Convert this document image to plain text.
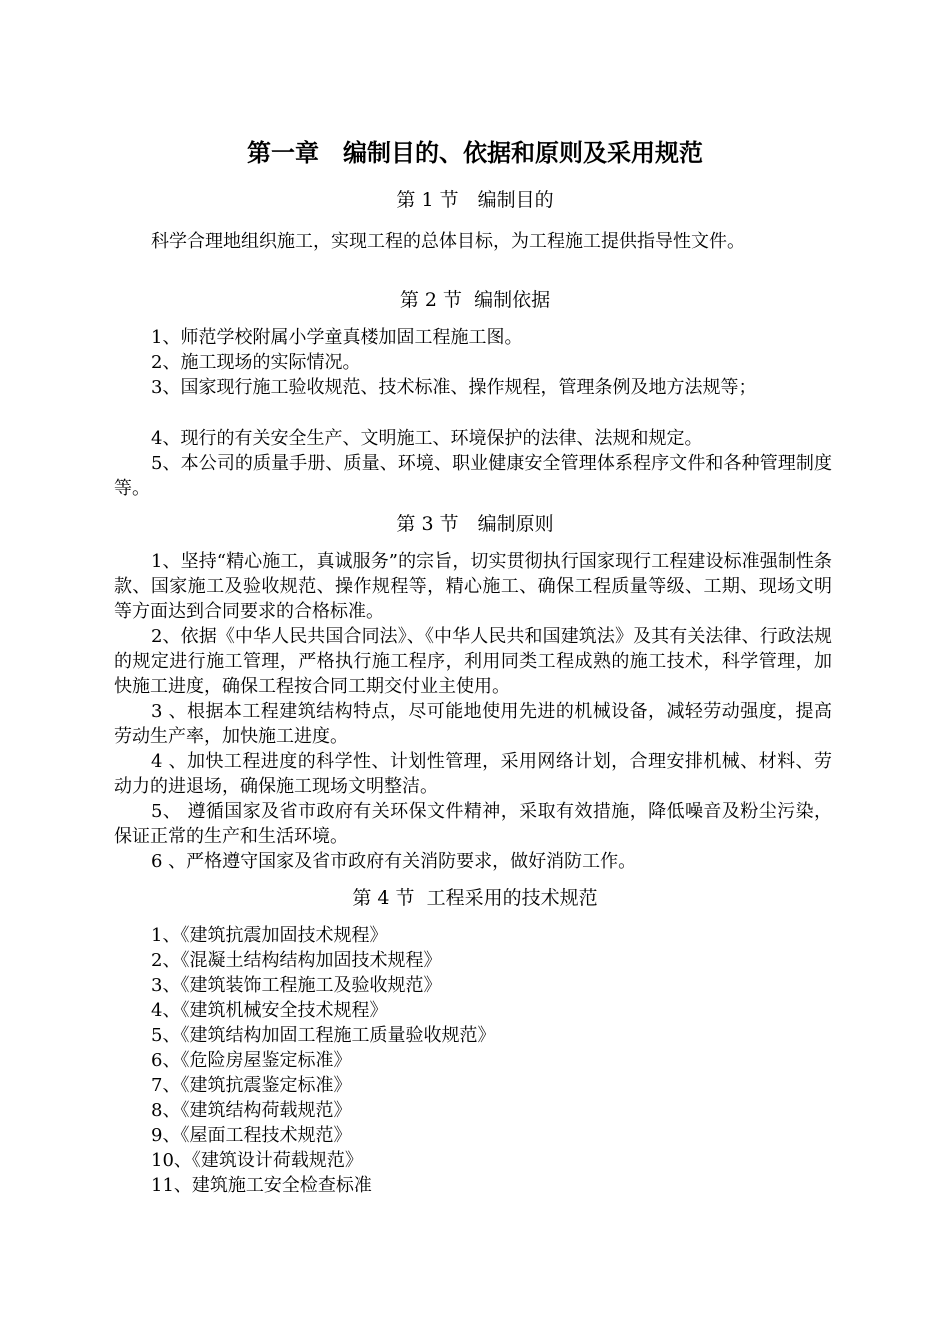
第一章　编制目的、依据和原则及采用规范
第 1 节　编制目的

科学合理地组织施工，实现工程的总体目标，为工程施工提供指导性文件。

第 2 节  编制依据

1、师范学校附属小学童真楼加固工程施工图。

2、施工现场的实际情况。

3、国家现行施工验收规范、技术标准、操作规程，管理条例及地方法规等；

4、现行的有关安全生产、文明施工、环境保护的法律、法规和规定。

5、本公司的质量手册、质量、环境、职业健康安全管理体系程序文件和各种管理制度等。

第 3 节　编制原则

1、坚持“精心施工，真诚服务”的宗旨，切实贯彻执行国家现行工程建设标准强制性条款、国家施工及验收规范、操作规程等，精心施工、确保工程质量等级、工期、现场文明等方面达到合同要求的合格标准。

2、依据《中华人民共国合同法》、《中华人民共和国建筑法》及其有关法律、行政法规的规定进行施工管理，严格执行施工程序，利用同类工程成熟的施工技术，科学管理，加快施工进度，确保工程按合同工期交付业主使用。

3 、根据本工程建筑结构特点，尽可能地使用先进的机械设备，减轻劳动强度，提高劳动生产率，加快施工进度。

4 、加快工程进度的科学性、计划性管理，采用网络计划，合理安排机械、材料、劳动力的进退场，确保施工现场文明整洁。

5、 遵循国家及省市政府有关环保文件精神，采取有效措施，降低噪音及粉尘污染，保证正常的生产和生活环境。

6 、严格遵守国家及省市政府有关消防要求，做好消防工作。

第 4 节  工程采用的技术规范
1、《建筑抗震加固技术规程》
2、《混凝土结构结构加固技术规程》
3、《建筑装饰工程施工及验收规范》
4、《建筑机械安全技术规程》
5、《建筑结构加固工程施工质量验收规范》
6、《危险房屋鉴定标准》
7、《建筑抗震鉴定标准》
8、《建筑结构荷载规范》
9、《屋面工程技术规范》
10、《建筑设计荷载规范》
11、建筑施工安全检查标准
